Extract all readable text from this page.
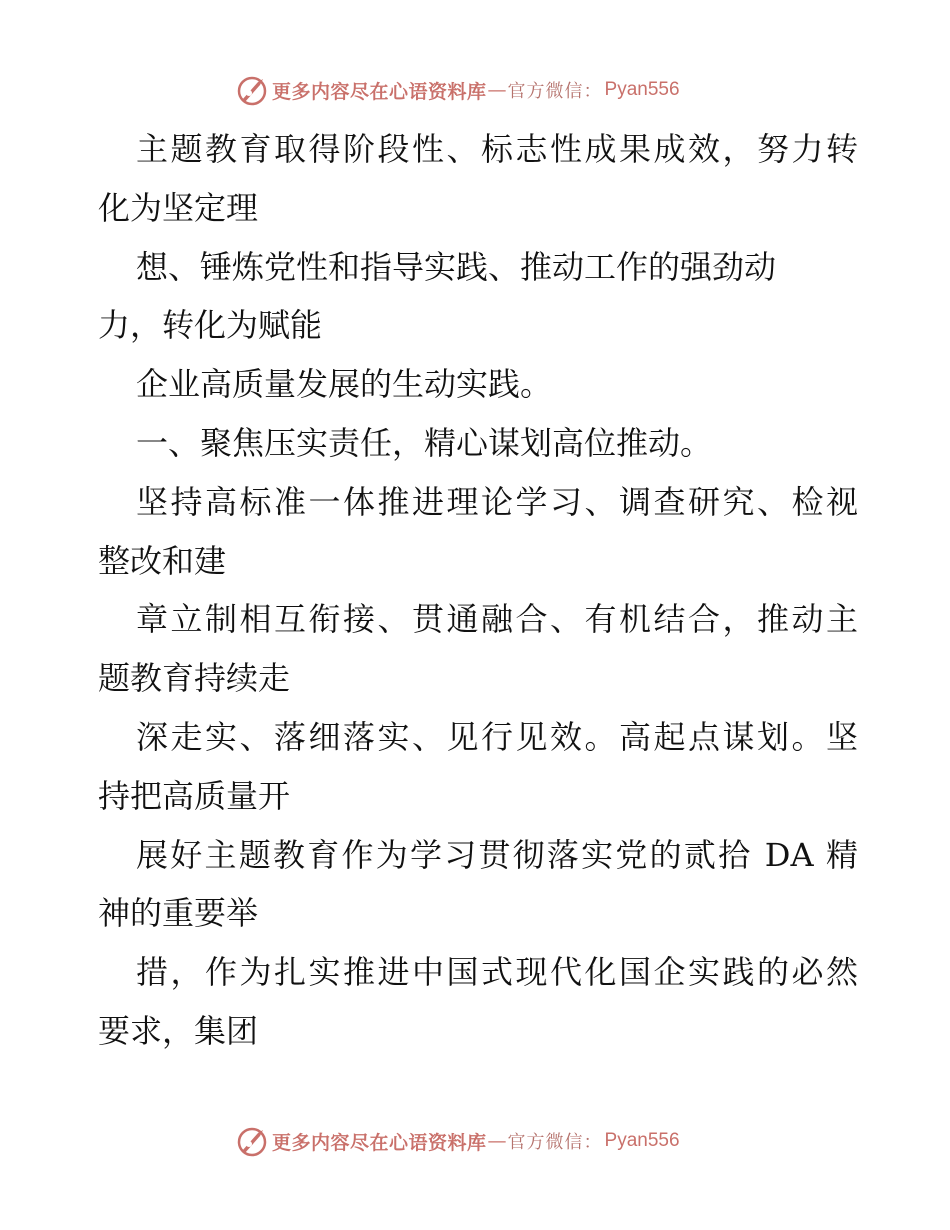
更多内容尽在心语资料库 — 官方微信： Pyan556
主题教育取得阶段性、标志性成果成效，努力转
化为坚定理
想、锤炼党性和指导实践、推动工作的强劲动
力，转化为赋能
企业高质量发展的生动实践。
一、聚焦压实责任，精心谋划高位推动。
坚持高标准一体推进理论学习、调查研究、检视
整改和建
章立制相互衔接、贯通融合、有机结合，推动主
题教育持续走
深走实、落细落实、见行见效。高起点谋划。坚
持把高质量开
展好主题教育作为学习贯彻落实党的贰拾 DA 精
神的重要举
措，作为扎实推进中国式现代化国企实践的必然
要求，集团
更多内容尽在心语资料库 — 官方微信： Pyan556
